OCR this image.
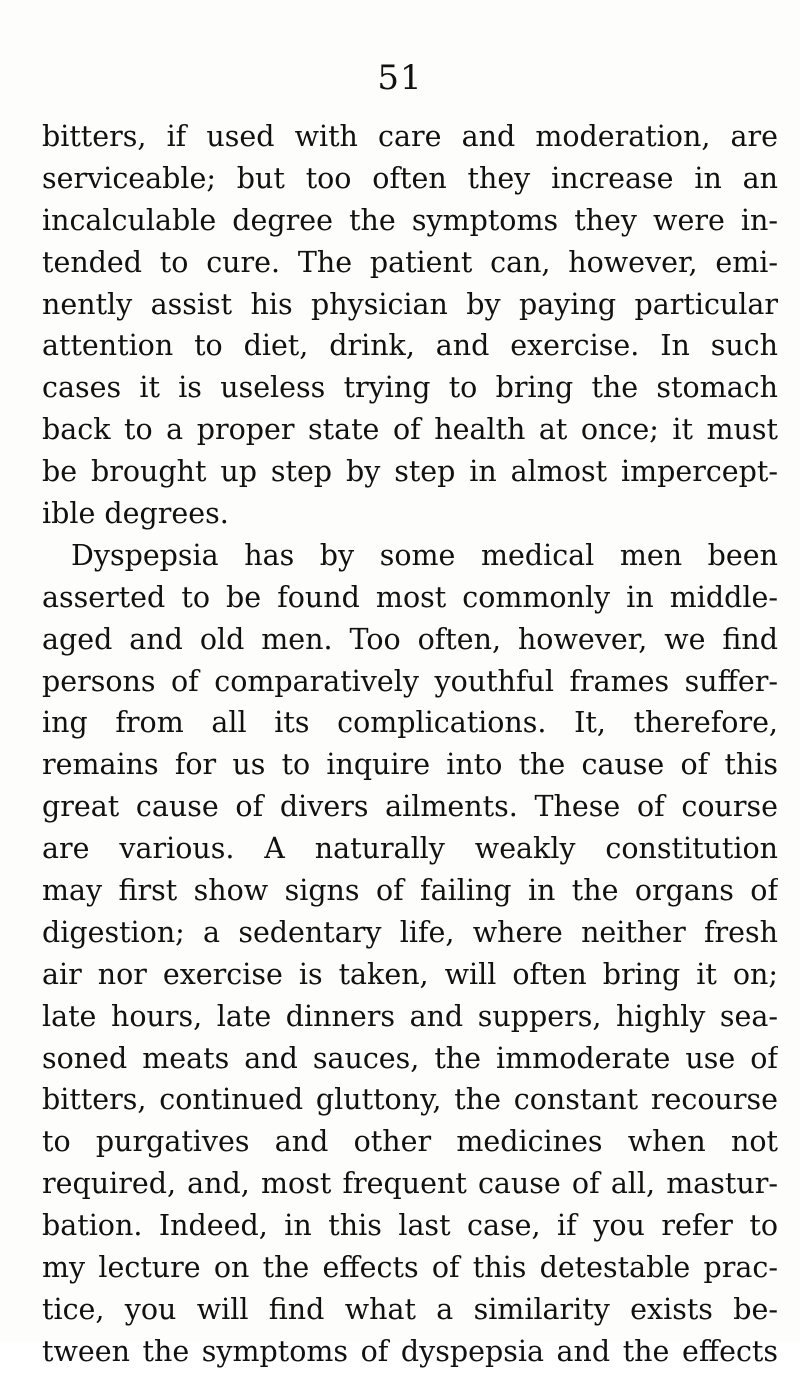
51
bitters, if used with care and moderation, are
serviceable; but too often they increase in an
incalculable degree the symptoms they were in-
tended to cure. The patient can, however, emi-
nently assist his physician by paying particular
attention to diet, drink, and exercise. In such
cases it is useless trying to bring the stomach
back to a proper state of health at once; it must
be brought up step by step in almost impercept-
ible degrees.
Dyspepsia has by some medical men been
asserted to be found most commonly in middle-
aged and old men. Too often, however, we find
persons of comparatively youthful frames suffer-
ing from all its complications. It, therefore,
remains for us to inquire into the cause of this
great cause of divers ailments. These of course
are various. A naturally weakly constitution
may first show signs of failing in the organs of
digestion; a sedentary life, where neither fresh
air nor exercise is taken, will often bring it on;
late hours, late dinners and suppers, highly sea-
soned meats and sauces, the immoderate use of
bitters, continued gluttony, the constant recourse
to purgatives and other medicines when not
required, and, most frequent cause of all, mastur-
bation. Indeed, in this last case, if you refer to
my lecture on the effects of this detestable prac-
tice, you will find what a similarity exists be-
tween the symptoms of dyspepsia and the effects
